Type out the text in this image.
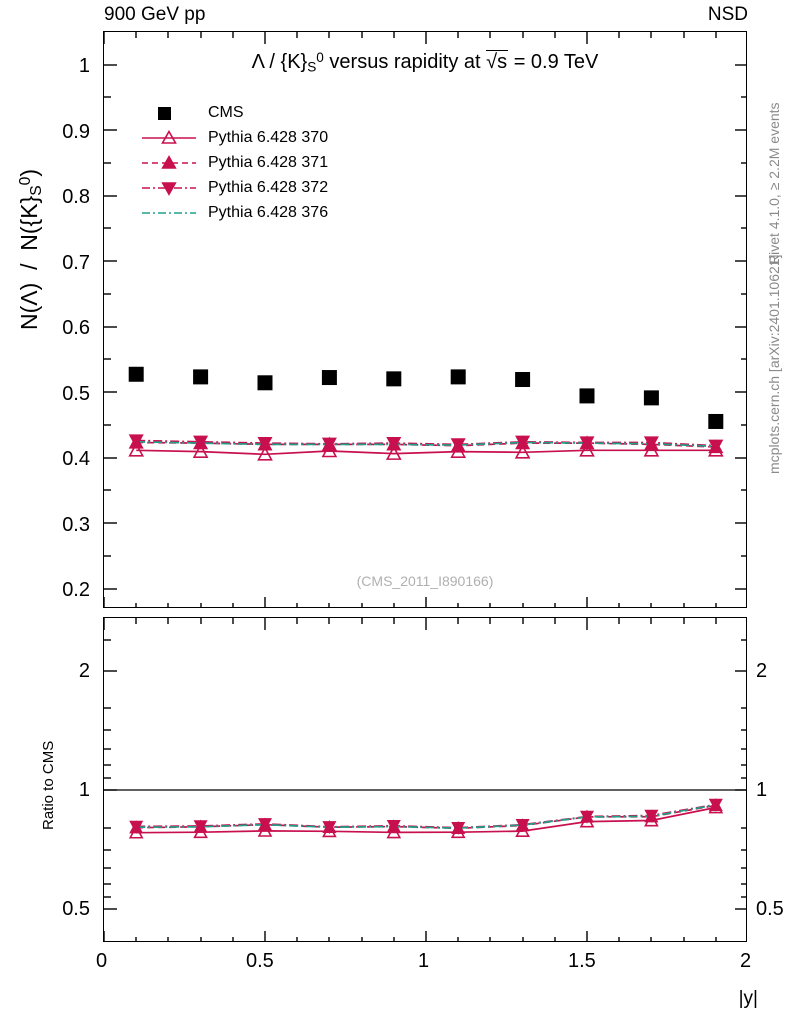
900 GeV pp	NSD
$N(\Lambda) / N(\{K\}_S^0)$
0.2
0.3
0.4
0.5
0.6
0.7
0.8
0.9
1	Λ / $\{K\}_S^0$ versus rapidity at √s = 0.9 TeV
(CMS_2011_I890166)
CMS
Pythia 6.428 370
Pythia 6.428 371
Pythia 6.428 372
Pythia 6.428 376
Ratio to CMS
0.5
1
2
0.5
1
2
0	0.5	1	1.5	2
|y|
Rivet 4.1.0, ≥ 2.2M events
mcplots.cern.ch [arXiv:2401.10621]
